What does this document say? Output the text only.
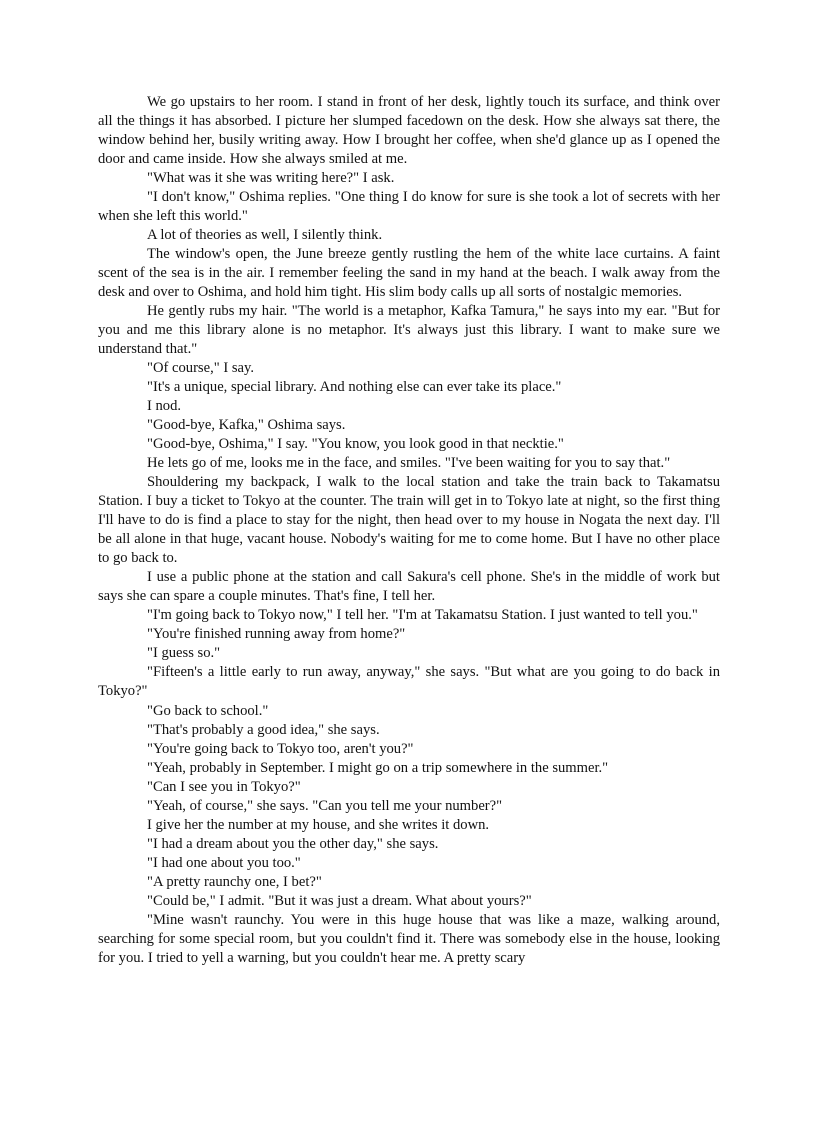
We go upstairs to her room. I stand in front of her desk, lightly touch its surface, and think over all the things it has absorbed. I picture her slumped facedown on the desk. How she always sat there, the window behind her, busily writing away. How I brought her coffee, when she'd glance up as I opened the door and came inside. How she always smiled at me.

"What was it she was writing here?" I ask.

"I don't know," Oshima replies. "One thing I do know for sure is she took a lot of secrets with her when she left this world."

A lot of theories as well, I silently think.

The window's open, the June breeze gently rustling the hem of the white lace curtains. A faint scent of the sea is in the air. I remember feeling the sand in my hand at the beach. I walk away from the desk and over to Oshima, and hold him tight. His slim body calls up all sorts of nostalgic memories.

He gently rubs my hair. "The world is a metaphor, Kafka Tamura," he says into my ear. "But for you and me this library alone is no metaphor. It's always just this library. I want to make sure we understand that."

"Of course," I say.

"It's a unique, special library. And nothing else can ever take its place."

I nod.

"Good-bye, Kafka," Oshima says.

"Good-bye, Oshima," I say. "You know, you look good in that necktie."

He lets go of me, looks me in the face, and smiles. "I've been waiting for you to say that."

Shouldering my backpack, I walk to the local station and take the train back to Takamatsu Station. I buy a ticket to Tokyo at the counter. The train will get in to Tokyo late at night, so the first thing I'll have to do is find a place to stay for the night, then head over to my house in Nogata the next day. I'll be all alone in that huge, vacant house. Nobody's waiting for me to come home. But I have no other place to go back to.

I use a public phone at the station and call Sakura's cell phone. She's in the middle of work but says she can spare a couple minutes. That's fine, I tell her.

"I'm going back to Tokyo now," I tell her. "I'm at Takamatsu Station. I just wanted to tell you."

"You're finished running away from home?"

"I guess so."

"Fifteen's a little early to run away, anyway," she says. "But what are you going to do back in Tokyo?"

"Go back to school."

"That's probably a good idea," she says.

"You're going back to Tokyo too, aren't you?"

"Yeah, probably in September. I might go on a trip somewhere in the summer."

"Can I see you in Tokyo?"

"Yeah, of course," she says. "Can you tell me your number?"

I give her the number at my house, and she writes it down.

"I had a dream about you the other day," she says.

"I had one about you too."

"A pretty raunchy one, I bet?"

"Could be," I admit. "But it was just a dream. What about yours?"

"Mine wasn't raunchy. You were in this huge house that was like a maze, walking around, searching for some special room, but you couldn't find it. There was somebody else in the house, looking for you. I tried to yell a warning, but you couldn't hear me. A pretty scary
